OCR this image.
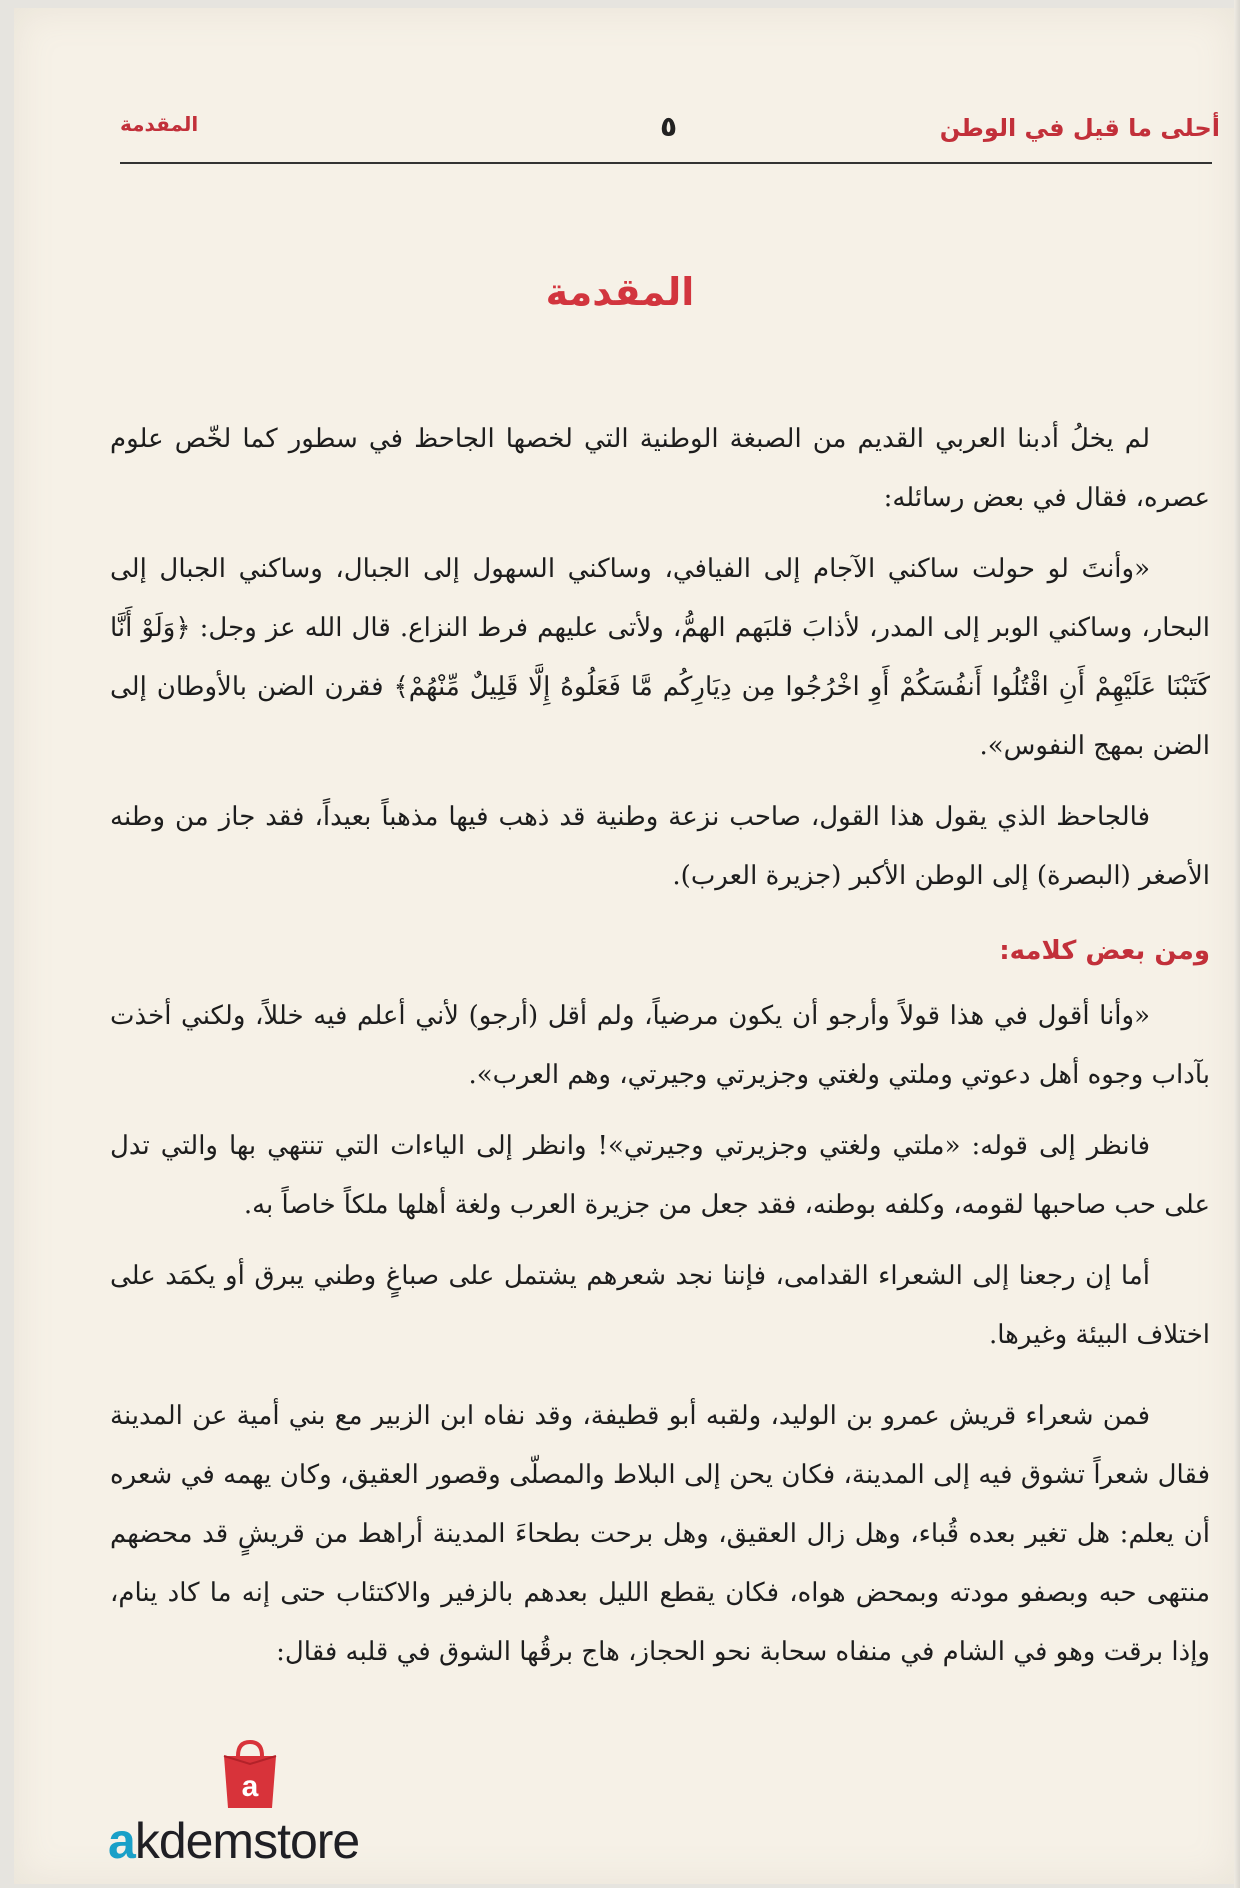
أحلى ما قيل في الوطن
٥
المقدمة
المقدمة

لم يخلُ أدبنا العربي القديم من الصبغة الوطنية التي لخصها الجاحظ في سطور كما لخّص علوم عصره، فقال في بعض رسائله:

«وأنتَ لو حولت ساكني الآجام إلى الفيافي، وساكني السهول إلى الجبال، وساكني الجبال إلى البحار، وساكني الوبر إلى المدر، لأذابَ قلبَهم الهمُّ، ولأتى عليهم فرط النزاع. قال الله عز وجل: ﴿وَلَوْ أَنَّا كَتَبْنَا عَلَيْهِمْ أَنِ اقْتُلُوا أَنفُسَكُمْ أَوِ اخْرُجُوا مِن دِيَارِكُم مَّا فَعَلُوهُ إِلَّا قَلِيلٌ مِّنْهُمْ﴾ فقرن الضن بالأوطان إلى الضن بمهج النفوس».

فالجاحظ الذي يقول هذا القول، صاحب نزعة وطنية قد ذهب فيها مذهباً بعيداً، فقد جاز من وطنه الأصغر (البصرة) إلى الوطن الأكبر (جزيرة العرب).

ومن بعض كلامه:

«وأنا أقول في هذا قولاً وأرجو أن يكون مرضياً، ولم أقل (أرجو) لأني أعلم فيه خللاً، ولكني أخذت بآداب وجوه أهل دعوتي وملتي ولغتي وجزيرتي وجيرتي، وهم العرب».

فانظر إلى قوله: «ملتي ولغتي وجزيرتي وجيرتي»! وانظر إلى الياءات التي تنتهي بها والتي تدل على حب صاحبها لقومه، وكلفه بوطنه، فقد جعل من جزيرة العرب ولغة أهلها ملكاً خاصاً به.

أما إن رجعنا إلى الشعراء القدامى، فإننا نجد شعرهم يشتمل على صباغٍ وطني يبرق أو يكمَد على اختلاف البيئة وغيرها.

فمن شعراء قريش عمرو بن الوليد، ولقبه أبو قطيفة، وقد نفاه ابن الزبير مع بني أمية عن المدينة فقال شعراً تشوق فيه إلى المدينة، فكان يحن إلى البلاط والمصلّى وقصور العقيق، وكان يهمه في شعره أن يعلم: هل تغير بعده قُباء، وهل زال العقيق، وهل برحت بطحاءَ المدينة أراهط من قريشٍ قد محضهم منتهى حبه وبصفو مودته وبمحض هواه، فكان يقطع الليل بعدهم بالزفير والاكتئاب حتى إنه ما كاد ينام، وإذا برقت وهو في الشام في منفاه سحابة نحو الحجاز، هاج برقُها الشوق في قلبه فقال:

a
akdemstore
